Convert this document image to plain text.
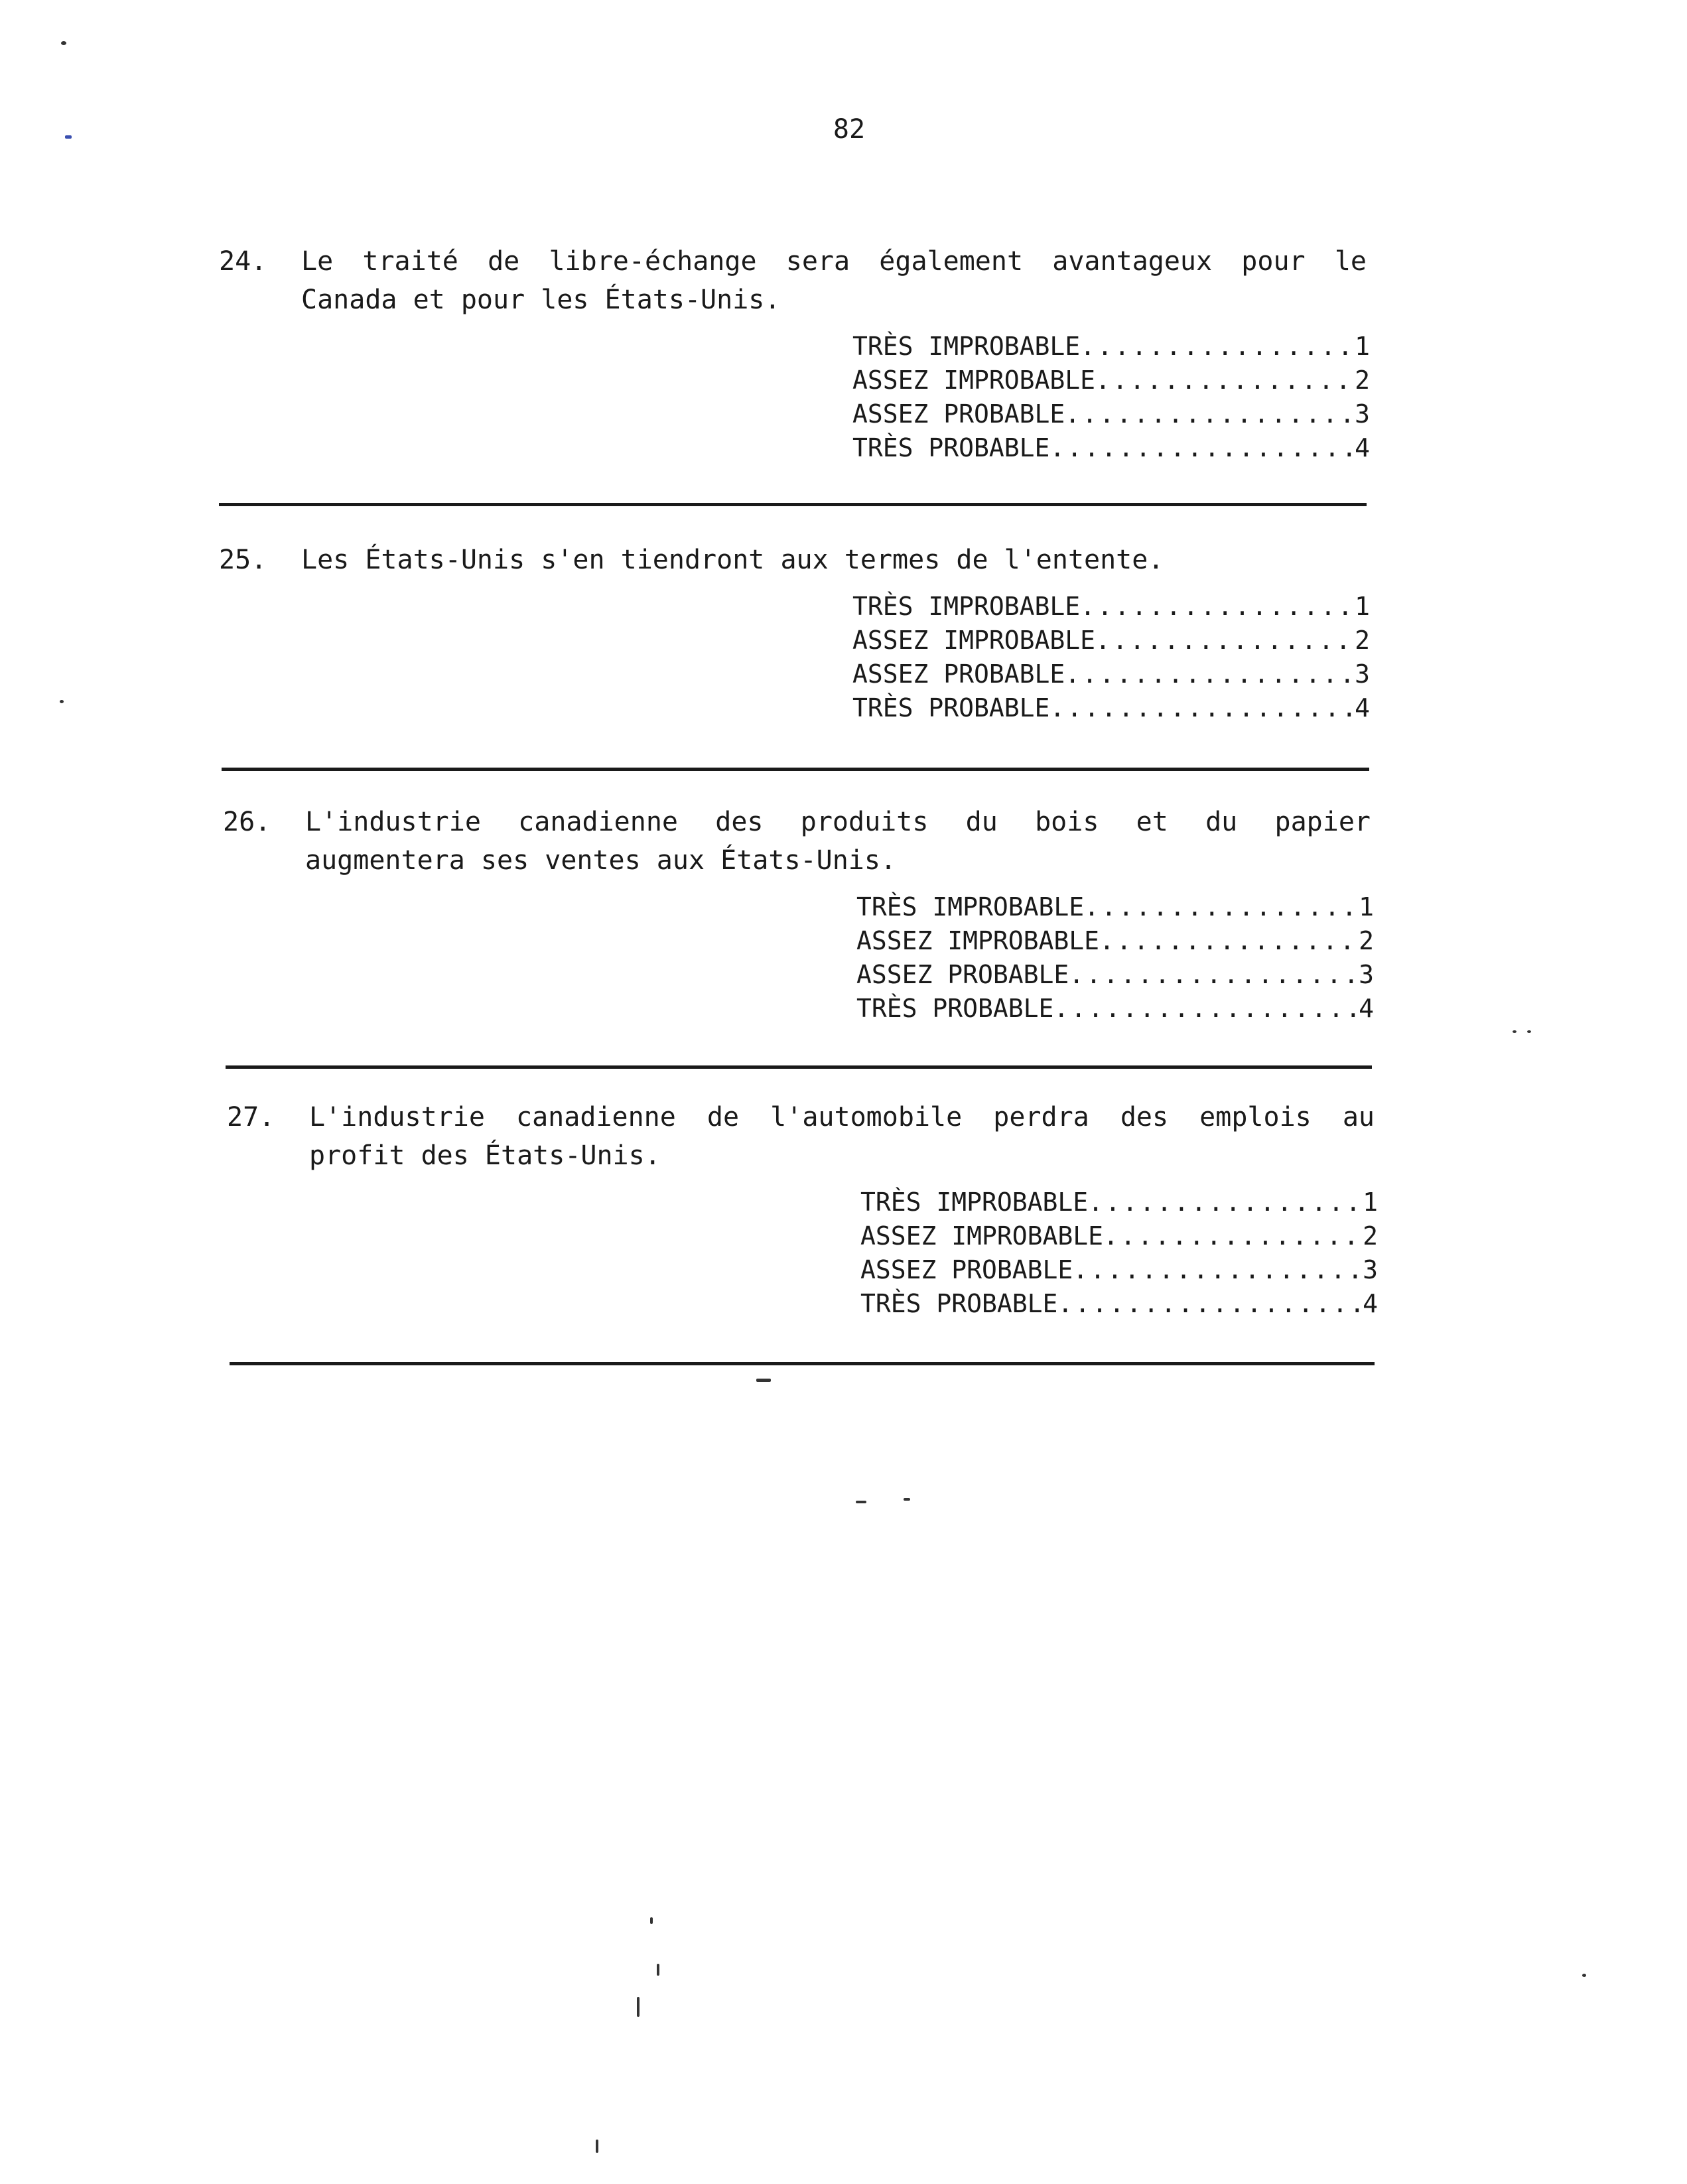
82
24.	Le traité de libre-échange sera également avantageux pour le
Canada et pour les États-Unis.
TRÈS IMPROBABLE .....	1
ASSEZ IMPROBABLE .....	2
ASSEZ PROBABLE .....	3
TRÈS PROBABLE .....	4
25.	Les États-Unis s'en tiendront aux termes de l'entente.
TRÈS IMPROBABLE .....	1
ASSEZ IMPROBABLE .....	2
ASSEZ PROBABLE .....	3
TRÈS PROBABLE .....	4
26.	L'industrie canadienne des produits du bois et du papier
augmentera ses ventes aux États-Unis.
TRÈS IMPROBABLE .....	1
ASSEZ IMPROBABLE .....	2
ASSEZ PROBABLE .....	3
TRÈS PROBABLE .....	4
27.	L'industrie canadienne de l'automobile perdra des emplois au
profit des États-Unis.
TRÈS IMPROBABLE .....	1
ASSEZ IMPROBABLE .....	2
ASSEZ PROBABLE .....	3
TRÈS PROBABLE .....	4
